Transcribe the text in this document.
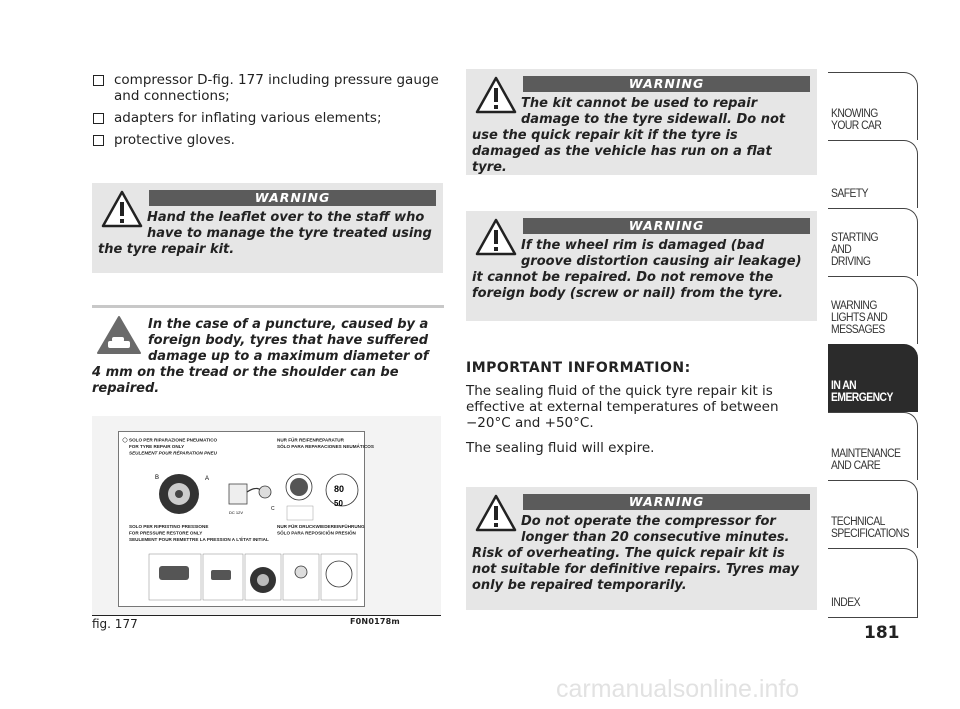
compressor D-fig. 177 including pressure gauge and connections;
adapters for inflating various elements;
protective gloves.
WARNING
Hand the leaflet over to the staff who have to manage the tyre treated using the tyre repair kit.
In the case of a puncture, caused by a foreign body, tyres that have suffered damage up to a maximum diameter of 4 mm on the tread or the shoulder can be repaired.
SOLO PER RIPARAZIONE PNEUMATICO
FOR TYRE REPAIR ONLY
SEULEMENT POUR RÉPARATION PNEU
NUR FÜR REIFENREPARATUR
SÓLO PARA REPARACIONES NEUMÁTICOS
B	A
C
DC 12V
80
50
SOLO PER RIPRISTINO PRESSIONE
FOR PRESSURE RESTORE ONLY
SEULEMENT POUR REMETTRE LA PRESSION A L'ÉTAT INITIAL
NUR FÜR DRUCKWIEDEREINFÜHRUNG
SÓLO PARA REPOSICIÓN PRESIÓN
fig. 177	F0N0178m
WARNING
The kit cannot be used to repair damage to the tyre sidewall. Do not use the quick repair kit if the tyre is damaged as the vehicle has run on a flat tyre.
WARNING
If the wheel rim is damaged (bad groove distortion causing air leakage) it cannot be repaired. Do not remove the foreign body (screw or nail) from the tyre.
IMPORTANT INFORMATION:
The sealing fluid of the quick tyre repair kit is effective at external temperatures of between −20°C and +50°C.
The sealing fluid will expire.
WARNING
Do not operate the compressor for longer than 20 consecutive minutes. Risk of overheating. The quick repair kit is not suitable for definitive repairs. Tyres may only be repaired temporarily.
KNOWING
YOUR CAR
SAFETY
STARTING
AND
DRIVING
WARNING
LIGHTS AND
MESSAGES
IN AN
EMERGENCY
MAINTENANCE
AND CARE
TECHNICAL
SPECIFICATIONS
INDEX
181
carmanualsonline.info
